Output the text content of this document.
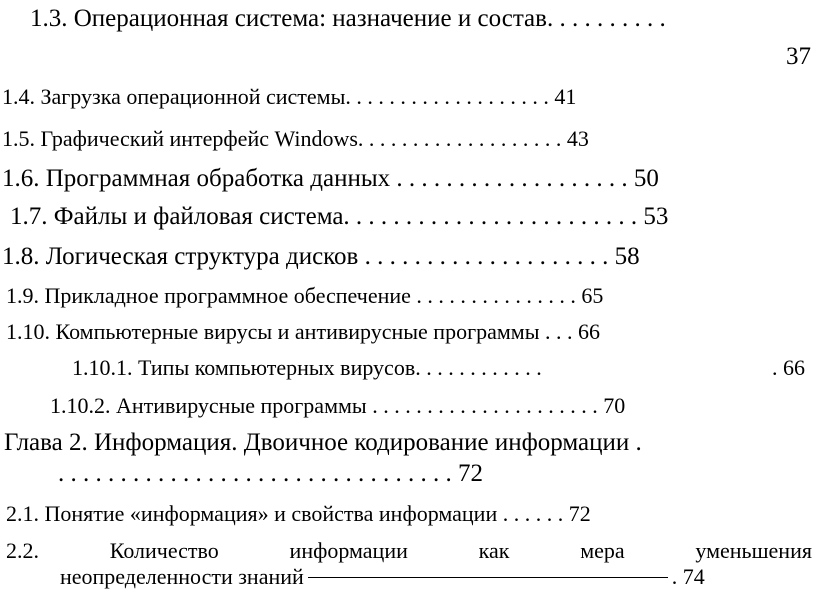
1.3. Операционная система: назначение и состав. . . . . . . . . .
37
1.4. Загрузка операционной системы. . . . . . . . . . . . . . . . . . . 41
1.5. Графический интерфейс Windows. . . . . . . . . . . . . . . . . . . 43
1.6. Программная обработка данных . . . . . . . . . . . . . . . . . . . 50
1.7. Файлы и файловая система. . . . . . . . . . . . . . . . . . . . . . . . 53
1.8. Логическая структура дисков . . . . . . . . . . . . . . . . . . . . 58
1.9. Прикладное программное обеспечение . . . . . . . . . . . . . . . 65
1.10. Компьютерные вирусы и антивирусные программы . . . 66
1.10.1. Типы компьютерных вирусов. . . . . . . . . . . .	. 66
1.10.2. Антивирусные программы . . . . . . . . . . . . . . . . . . . . . 70
Глава 2. Информация. Двоичное кодирование информации .
. . . . . . . . . . . . . . . . . . . . . . . . . . . . . . . . 72
2.1. Понятие «информация» и свойства информации . . . . . . 72
2.2.	Количество	информации	как	мера	уменьшения
неопределенности знаний	. 74
